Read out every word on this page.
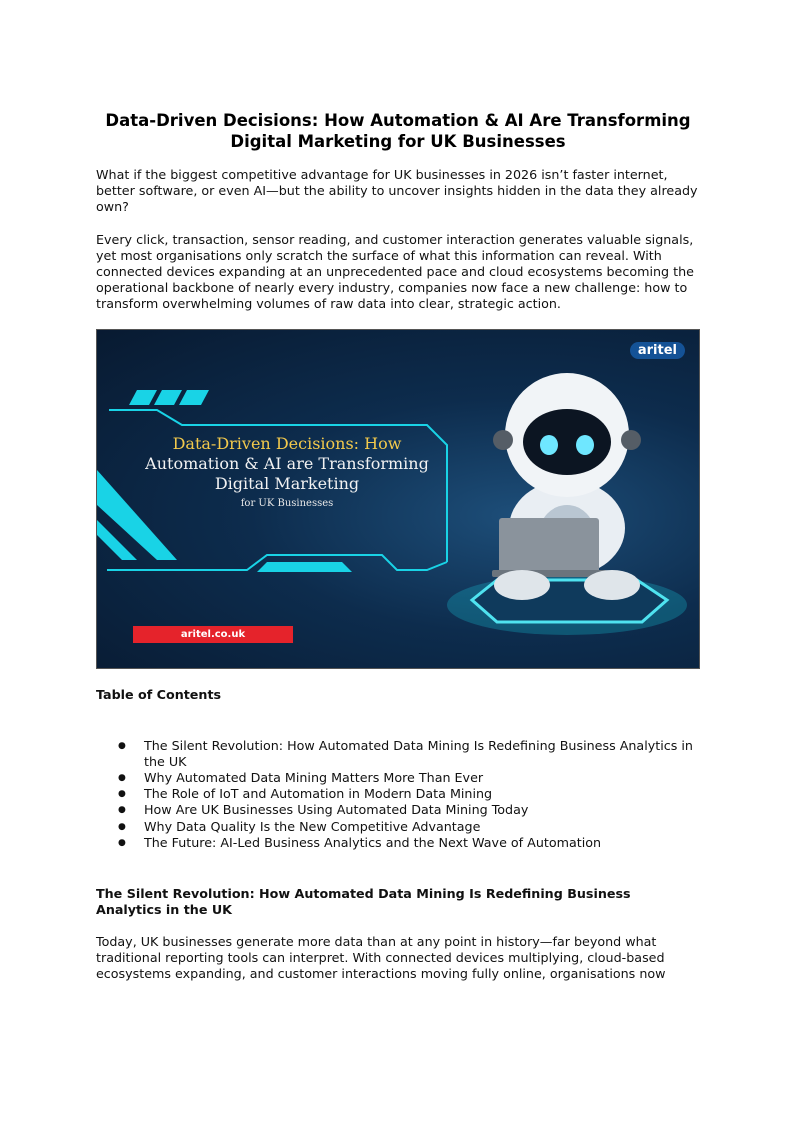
Data-Driven Decisions: How Automation & AI Are Transforming Digital Marketing for UK Businesses

What if the biggest competitive advantage for UK businesses in 2026 isn’t faster internet, better software, or even AI—but the ability to uncover insights hidden in the data they already own?

Every click, transaction, sensor reading, and customer interaction generates valuable signals, yet most organisations only scratch the surface of what this information can reveal. With connected devices expanding at an unprecedented pace and cloud ecosystems becoming the operational backbone of nearly every industry, companies now face a new challenge: how to transform overwhelming volumes of raw data into clear, strategic action.

aritel
Data-Driven Decisions: How
Automation & AI are Transforming
Digital Marketing
for UK Businesses
aritel.co.uk
Table of Contents
● The Silent Revolution: How Automated Data Mining Is Redefining Business Analytics in the UK
● Why Automated Data Mining Matters More Than Ever
● The Role of IoT and Automation in Modern Data Mining
● How Are UK Businesses Using Automated Data Mining Today
● Why Data Quality Is the New Competitive Advantage
● The Future: AI-Led Business Analytics and the Next Wave of Automation
The Silent Revolution: How Automated Data Mining Is Redefining Business Analytics in the UK

Today, UK businesses generate more data than at any point in history—far beyond what traditional reporting tools can interpret. With connected devices multiplying, cloud-based ecosystems expanding, and customer interactions moving fully online, organisations now
